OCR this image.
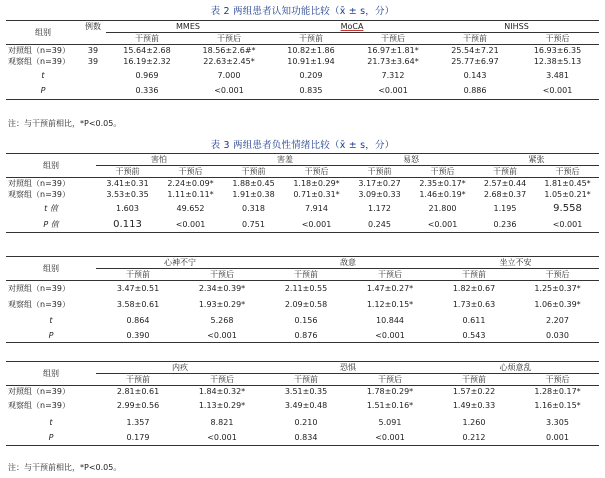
表 2 两组患者认知功能比较（x̄ ± s，分）
组别	例数	MMES		MoCA		NIHSS	
		干预前	干预后	干预前	干预后	干预前	干预后
对照组（n=39）	39	15.64±2.68	18.56±2.6#*	10.82±1.86	16.97±1.81*	25.54±7.21	16.93±6.35
观察组（n=39）	39	16.19±2.32	22.63±2.45*	10.91±1.94	21.73±3.64*	25.77±6.97	12.38±5.13
t		0.969	7.000	0.209	7.312	0.143	3.481
P		0.336	<0.001	0.835	<0.001	0.886	<0.001
注：与干预前相比，*P<0.05。
表 3 两组患者负性情绪比较（x̄ ± s，分）
组别	害怕		害羞		易怒		紧张	
	干预前	干预后	干预前	干预后	干预前	干预后	干预前	干预后
对照组（n=39）	3.41±0.31	2.24±0.09*	1.88±0.45	1.18±0.29*	3.17±0.27	2.35±0.17*	2.57±0.44	1.81±0.45*
观察组（n=39）	3.53±0.35	1.11±0.11*	1.91±0.38	0.71±0.31*	3.09±0.33	1.46±0.19*	2.68±0.37	1.05±0.21*
t 值	1.603	49.652	0.318	7.914	1.172	21.800	1.195	9.558
P 值	0.113	<0.001	0.751	<0.001	0.245	<0.001	0.236	<0.001
组别	心神不宁		敌意		坐立不安	
	干预前	干预后	干预前	干预后	干预前	干预后
对照组（n=39）	3.47±0.51	2.34±0.39*	2.11±0.55	1.47±0.27*	1.82±0.67	1.25±0.37*
观察组（n=39）	3.58±0.61	1.93±0.29*	2.09±0.58	1.12±0.15*	1.73±0.63	1.06±0.39*
t	0.864	5.268	0.156	10.844	0.611	2.207
P	0.390	<0.001	0.876	<0.001	0.543	0.030
组别	内疚		恐惧		心烦意乱	
	干预前	干预后	干预前	干预后	干预前	干预后
对照组（n=39）	2.81±0.61	1.84±0.32*	3.51±0.35	1.78±0.29*	1.57±0.22	1.28±0.17*
观察组（n=39）	2.99±0.56	1.13±0.29*	3.49±0.48	1.51±0.16*	1.49±0.33	1.16±0.15*
t	1.357	8.821	0.210	5.091	1.260	3.305
P	0.179	<0.001	0.834	<0.001	0.212	0.001
注：与干预前相比，*P<0.05。
